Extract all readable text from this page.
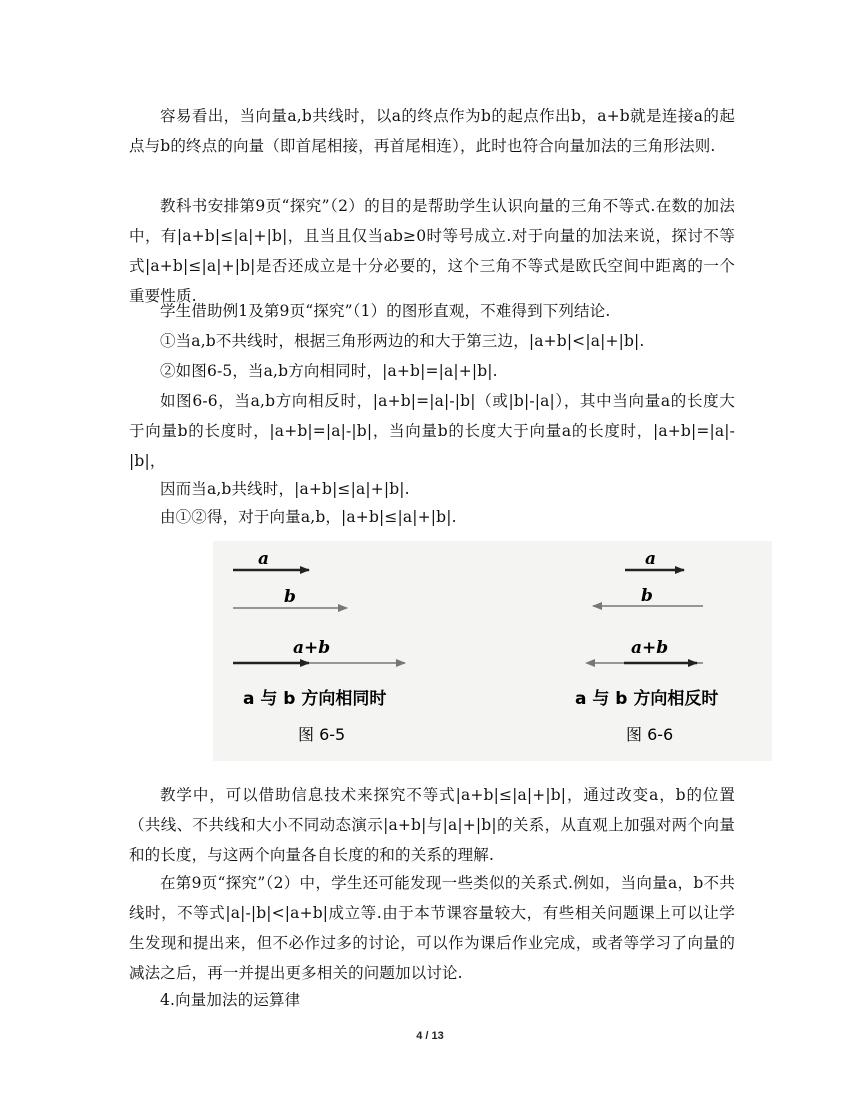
容易看出，当向量a,b共线时，以a的终点作为b的起点作出b，a+b就是连接a的起点与b的终点的向量（即首尾相接，再首尾相连），此时也符合向量加法的三角形法则.

教科书安排第9页“探究”（2）的目的是帮助学生认识向量的三角不等式.在数的加法中，有|a+b|≤|a|+|b|，且当且仅当ab≥0时等号成立.对于向量的加法来说，探讨不等式|a+b|≤|a|+|b|是否还成立是十分必要的，这个三角不等式是欧氏空间中距离的一个重要性质.

学生借助例1及第9页“探究”（1）的图形直观，不难得到下列结论.

①当a,b不共线时，根据三角形两边的和大于第三边，|a+b|<|a|+|b|.

②如图6-5，当a,b方向相同时，|a+b|=|a|+|b|.

如图6-6，当a,b方向相反时，|a+b|=|a|-|b|（或|b|-|a|），其中当向量a的长度大于向量b的长度时，|a+b|=|a|-|b|，当向量b的长度大于向量a的长度时，|a+b|=|a|-|b|，

因而当a,b共线时，|a+b|≤|a|+|b|.

由①②得，对于向量a,b，|a+b|≤|a|+|b|.

a
b
a+b
a 与 b 方向相同时
图 6-5
a
b
a+b
a 与 b 方向相反时
图 6-6

教学中，可以借助信息技术来探究不等式|a+b|≤|a|+|b|，通过改变a，b的位置（共线、不共线和大小不同动态演示|a+b|与|a|+|b|的关系，从直观上加强对两个向量和的长度，与这两个向量各自长度的和的关系的理解.

在第9页“探究”（2）中，学生还可能发现一些类似的关系式.例如，当向量a，b不共线时，不等式|a|-|b|<|a+b|成立等.由于本节课容量较大，有些相关问题课上可以让学生发现和提出来，但不必作过多的讨论，可以作为课后作业完成，或者等学习了向量的减法之后，再一并提出更多相关的问题加以讨论.

4.向量加法的运算律

4 / 13
